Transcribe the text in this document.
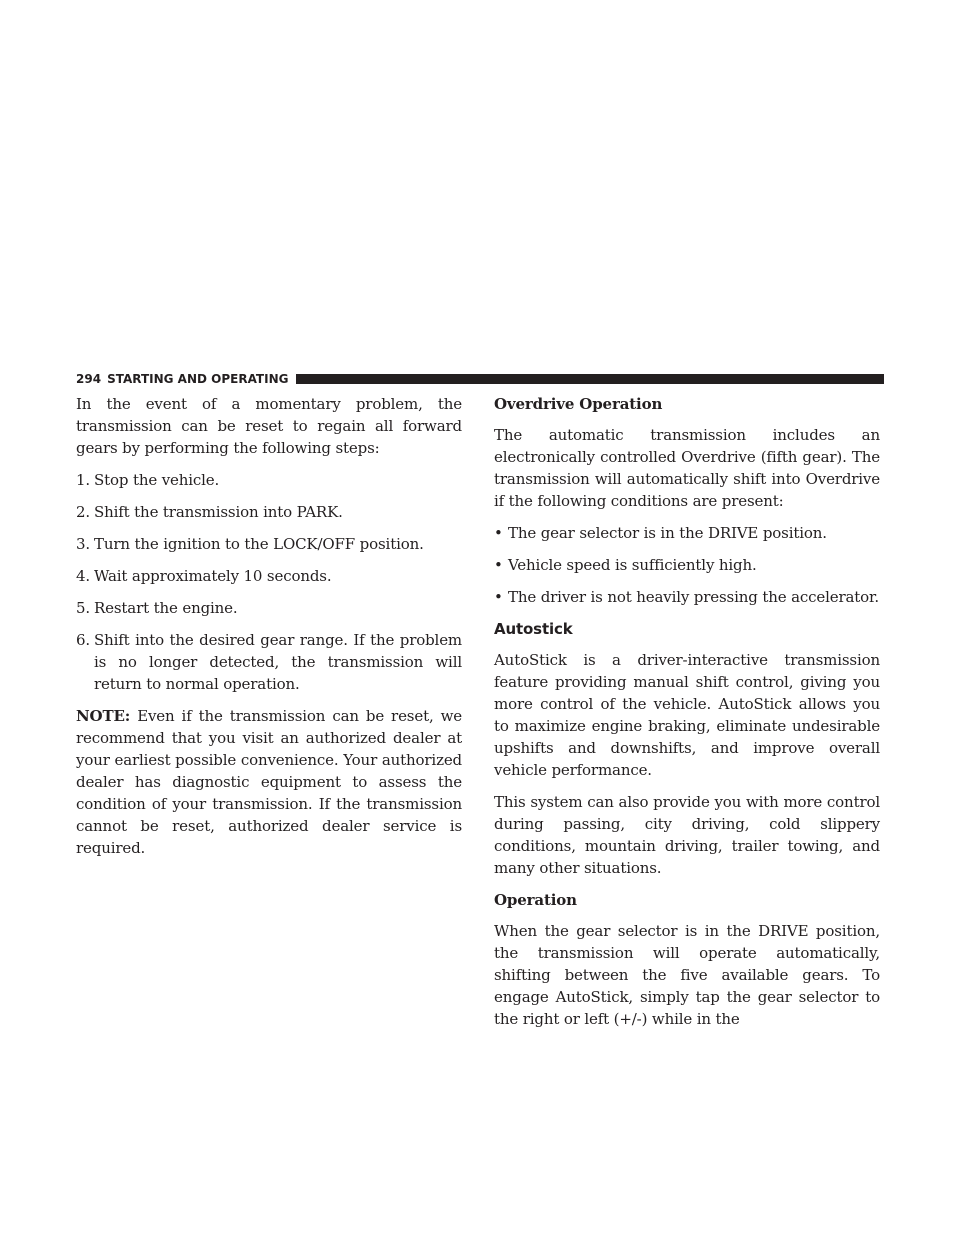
294 STARTING AND OPERATING

In the event of a momentary problem, the transmission can be reset to regain all forward gears by performing the following steps:

1. Stop the vehicle.
2. Shift the transmission into PARK.
3. Turn the ignition to the LOCK/OFF position.
4. Wait approximately 10 seconds.
5. Restart the engine.
6. Shift into the desired gear range. If the problem is no longer detected, the transmission will return to normal operation.

NOTE: Even if the transmission can be reset, we recommend that you visit an authorized dealer at your earliest possible convenience. Your authorized dealer has diagnostic equipment to assess the condition of your transmission. If the transmission cannot be reset, authorized dealer service is required.

Overdrive Operation

The automatic transmission includes an electronically controlled Overdrive (fifth gear). The transmission will automatically shift into Overdrive if the following conditions are present:

• The gear selector is in the DRIVE position.
• Vehicle speed is sufficiently high.
• The driver is not heavily pressing the accelerator.
Autostick

AutoStick is a driver-interactive transmission feature providing manual shift control, giving you more control of the vehicle. AutoStick allows you to maximize engine braking, eliminate undesirable upshifts and downshifts, and improve overall vehicle performance.

This system can also provide you with more control during passing, city driving, cold slippery conditions, mountain driving, trailer towing, and many other situations.

Operation

When the gear selector is in the DRIVE position, the transmission will operate automatically, shifting between the five available gears. To engage AutoStick, simply tap the gear selector to the right or left (+/-) while in the
